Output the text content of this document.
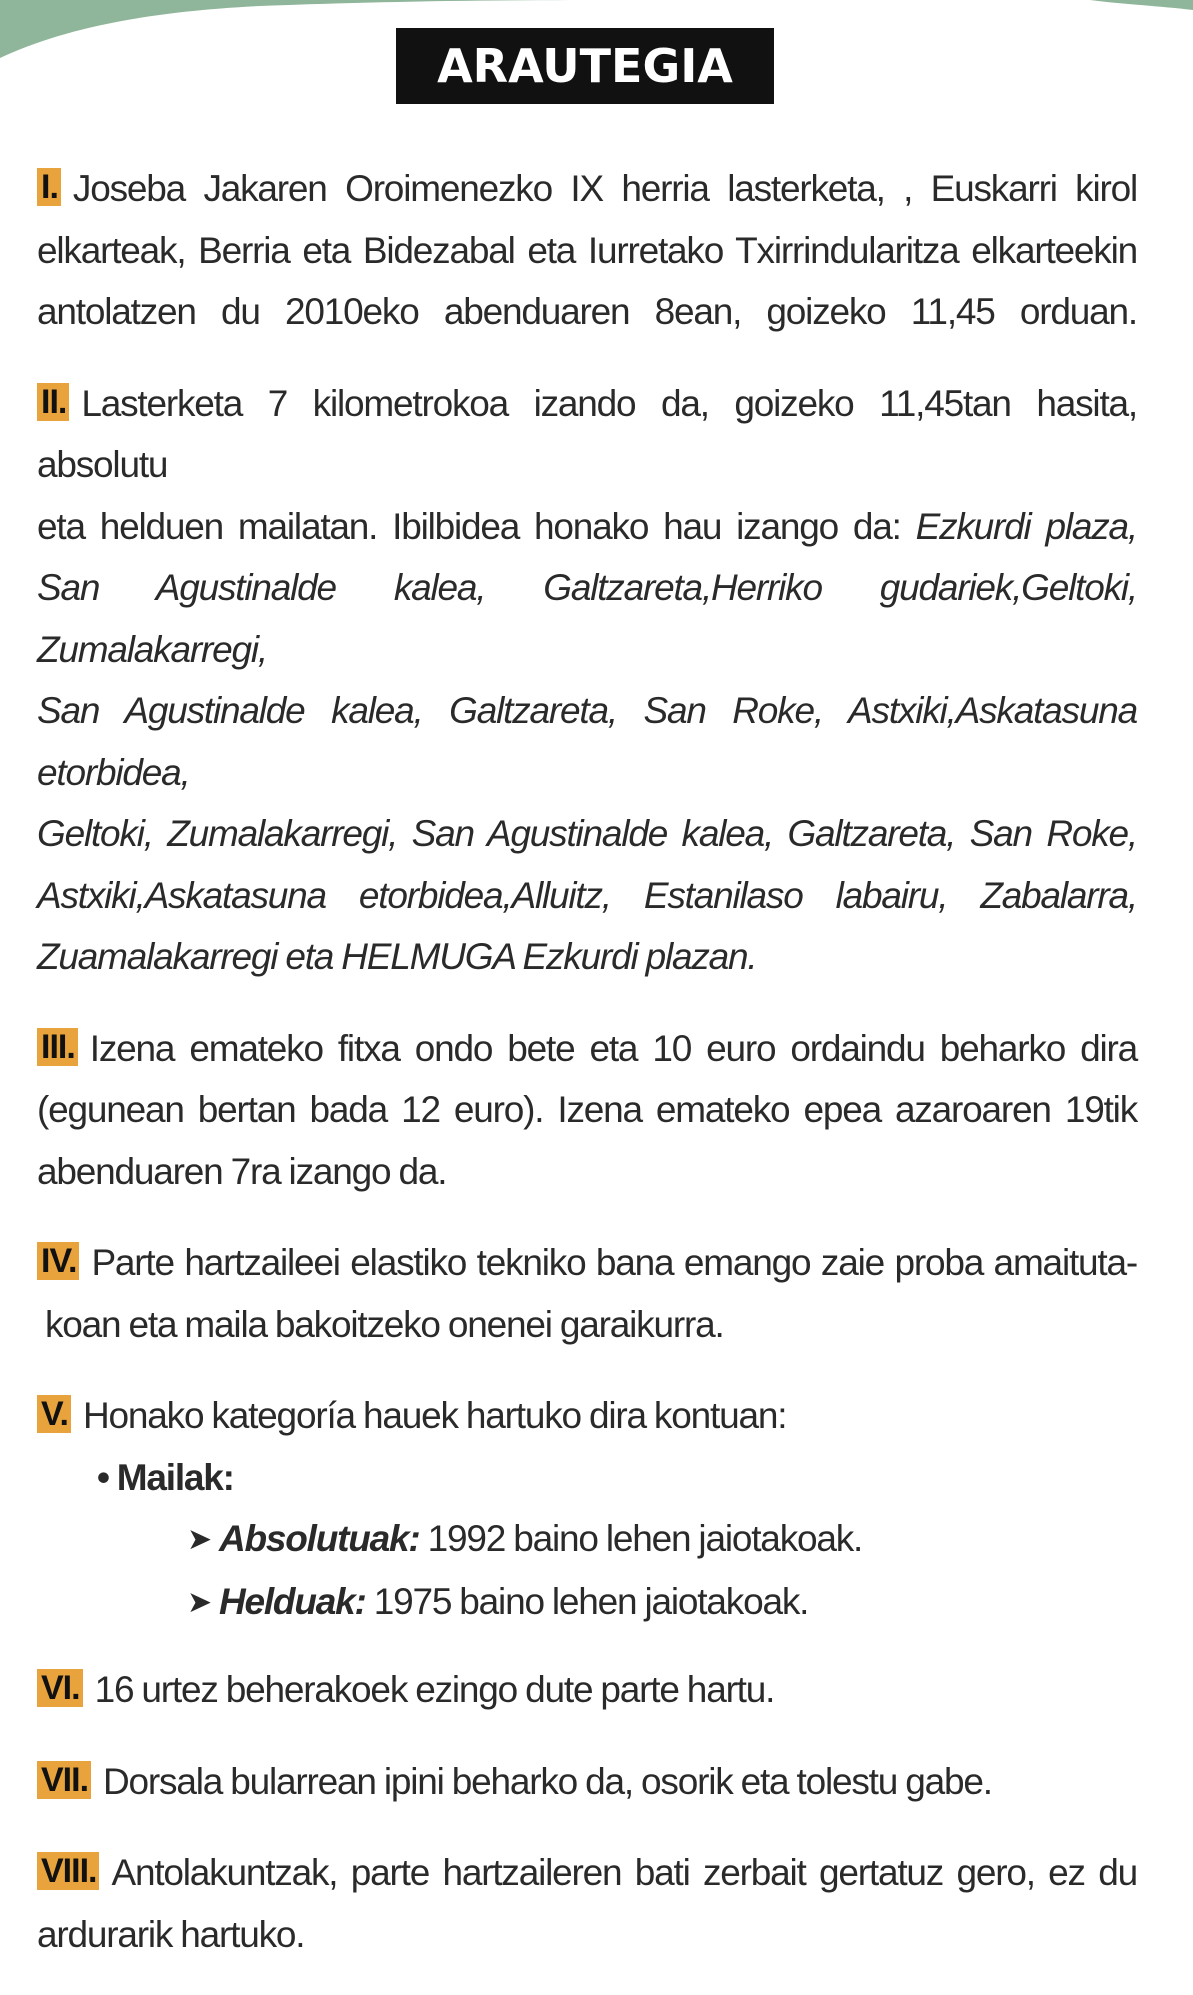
ARAUTEGIA
I. Joseba Jakaren Oroimenezko IX herria lasterketa, , Euskarri kirol
elkarteak, Berria eta Bidezabal eta Iurretako Txirrindularitza elkarteekin
antolatzen du 2010eko abenduaren 8ean, goizeko 11,45 orduan.
II. Lasterketa 7 kilometrokoa izando da, goizeko 11,45tan hasita, absolutu
eta helduen mailatan. Ibilbidea honako hau izango da: Ezkurdi plaza,
San Agustinalde kalea, Galtzareta,Herriko gudariek,Geltoki, Zumalakarregi,
San Agustinalde kalea, Galtzareta, San Roke, Astxiki,Askatasuna etorbidea,
Geltoki, Zumalakarregi, San Agustinalde kalea, Galtzareta, San Roke,
Astxiki,Askatasuna etorbidea,Alluitz, Estanilaso labairu, Zabalarra,
Zuamalakarregi eta HELMUGA Ezkurdi plazan.
III. Izena emateko fitxa ondo bete eta 10 euro ordaindu beharko dira
(egunean bertan bada 12 euro). Izena emateko epea azaroaren 19tik
abenduaren 7ra izango da.
IV. Parte hartzaileei elastiko tekniko bana emango zaie proba amaituta-
koan eta maila bakoitzeko onenei garaikurra.
V. Honako kategoría hauek hartuko dira kontuan:
• Mailak:
➤ Absolutuak: 1992 baino lehen jaiotakoak.
➤ Helduak: 1975 baino lehen jaiotakoak.
VI. 16 urtez beherakoek ezingo dute parte hartu.
VII. Dorsala bularrean ipini beharko da, osorik eta tolestu gabe.
VIII. Antolakuntzak, parte hartzaileren bati zerbait gertatuz gero, ez du
ardurarik hartuko.
